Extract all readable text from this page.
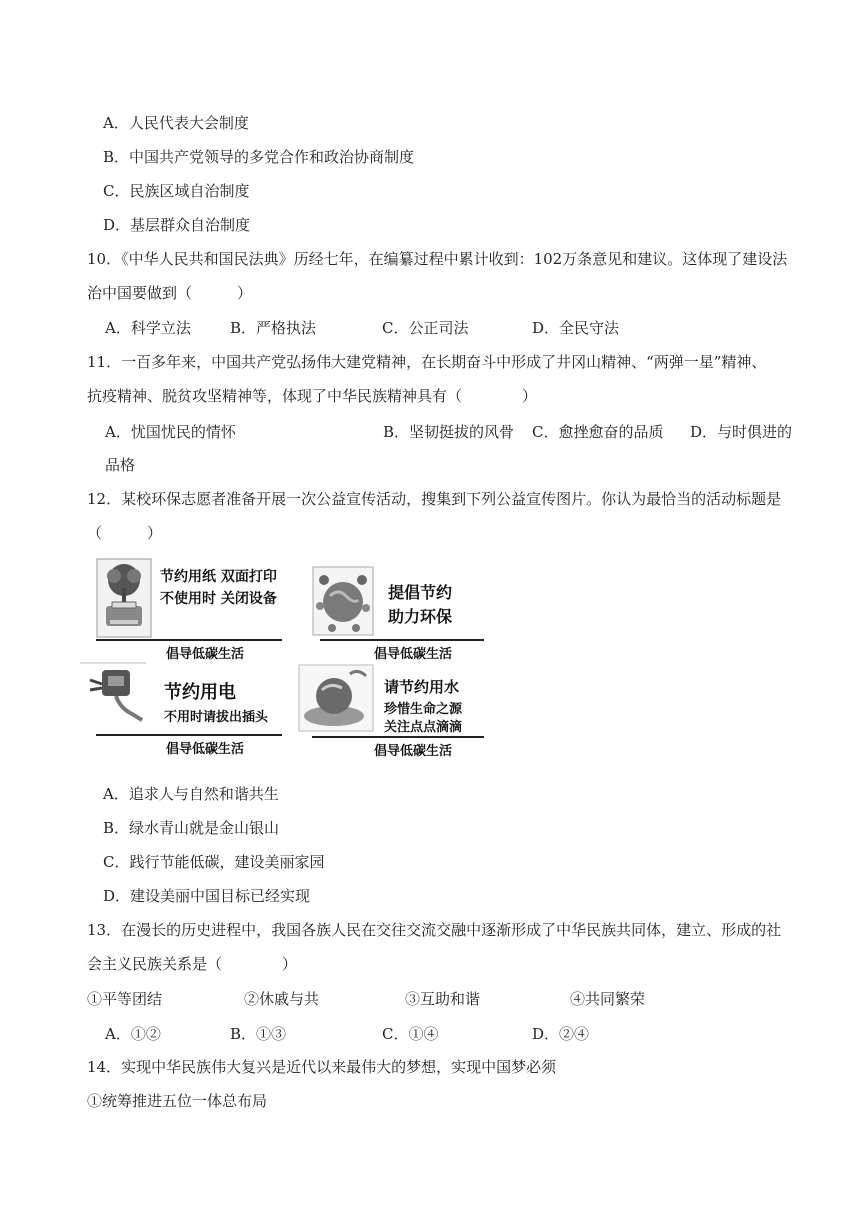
A．人民代表大会制度
B．中国共产党领导的多党合作和政治协商制度
C．民族区域自治制度
D．基层群众自治制度
10．《中华人民共和国民法典》历经七年，在编纂过程中累计收到：102万条意见和建议。这体现了建设法
治中国要做到（　　　）
A．科学立法	B．严格执法	C．公正司法	D．全民守法
11．一百多年来，中国共产党弘扬伟大建党精神，在长期奋斗中形成了井冈山精神、“两弹一星”精神、
抗疫精神、脱贫攻坚精神等，体现了中华民族精神具有（　　　　）
A．忧国忧民的情怀	B．坚韧挺拔的风骨 C．愈挫愈奋的品质 D．与时俱进的
品格
12．某校环保志愿者准备开展一次公益宣传活动，搜集到下列公益宣传图片。你认为最恰当的活动标题是
（　　　）
节约用纸 双面打印
不使用时 关闭设备
倡导低碳生活
提倡节约
助力环保
倡导低碳生活
节约用电
不用时请拔出插头
倡导低碳生活
请节约用水
珍惜生命之源
关注点点滴滴
倡导低碳生活
A．追求人与自然和谐共生
B．绿水青山就是金山银山
C．践行节能低碳，建设美丽家园
D．建设美丽中国目标已经实现
13．在漫长的历史进程中，我国各族人民在交往交流交融中逐渐形成了中华民族共同体，建立、形成的社
会主义民族关系是（　　　　）
①平等团结	②休戚与共	③互助和谐	④共同繁荣
A．①②	B．①③	C．①④	D．②④
14．实现中华民族伟大复兴是近代以来最伟大的梦想，实现中国梦必须
①统筹推进五位一体总布局
